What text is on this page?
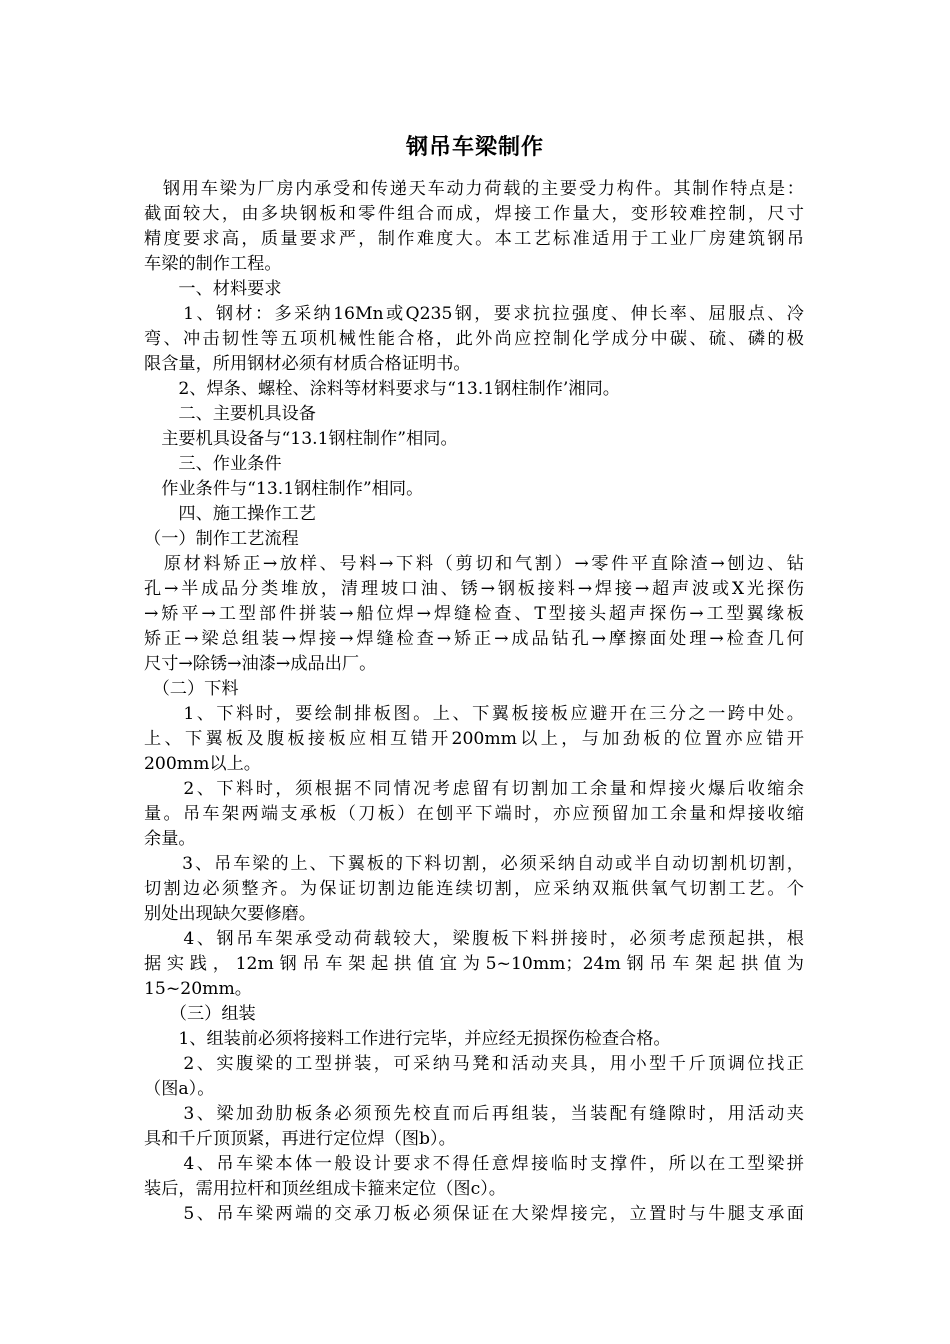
钢吊车梁制作
　钢用车梁为厂房内承受和传递天车动力荷载的主要受力构件。其制作特点是：
截面较大，由多块钢板和零件组合而成，焊接工作量大，变形较难控制，尺寸
精度要求高，质量要求严，制作难度大。本工艺标准适用于工业厂房建筑钢吊
车梁的制作工程。
　　一、材料要求
　　1、钢材：多采纳16Mn或Q235钢，要求抗拉强度、伸长率、屈服点、冷
弯、冲击韧性等五项机械性能合格，此外尚应控制化学成分中碳、硫、磷的极
限含量，所用钢材必须有材质合格证明书。
　　2、焊条、螺栓、涂料等材料要求与“13.1钢柱制作’湘同。
　　二、主要机具设备
　主要机具设备与“13.1钢柱制作”相同。
　　三、作业条件
　作业条件与“13.1钢柱制作”相同。
　　四、施工操作工艺
（一）制作工艺流程
　原材料矫正→放样、号料→下料（剪切和气割）→零件平直除渣→刨边、钻
孔→半成品分类堆放，清理坡口油、锈→钢板接料→焊接→超声波或X光探伤
→矫平→工型部件拼装→船位焊→焊缝检查、T型接头超声探伤→工型翼缘板
矫正→梁总组装→焊接→焊缝检查→矫正→成品钻孔→摩擦面处理→检查几何
尺寸→除锈→油漆→成品出厂。
　（二）下料
　　1、下料时，要绘制排板图。上、下翼板接板应避开在三分之一跨中处。
上、下翼板及腹板接板应相互错开200mm以上，与加劲板的位置亦应错开
200mm以上。
　　2、下料时，须根据不同情况考虑留有切割加工余量和焊接火爆后收缩余
量。吊车架两端支承板（刀板）在刨平下端时，亦应预留加工余量和焊接收缩
余量。
　　3、吊车梁的上、下翼板的下料切割，必须采纳自动或半自动切割机切割，
切割边必须整齐。为保证切割边能连续切割，应采纳双瓶供氧气切割工艺。个
别处出现缺欠要修磨。
　　4、钢吊车架承受动荷载较大，梁腹板下料拼接时，必须考虑预起拱，根
据实践，12m钢吊车架起拱值宜为5~10mm；24m钢吊车架起拱值为
15~20mm。
　　（三）组装
　　1、组装前必须将接料工作进行完毕，并应经无损探伤检查合格。
　　2、实腹梁的工型拼装，可采纳马凳和活动夹具，用小型千斤顶调位找正
（图a）。
　　3、梁加劲肋板条必须预先校直而后再组装，当装配有缝隙时，用活动夹
具和千斤顶顶紧，再进行定位焊（图b）。
　　4、吊车梁本体一般设计要求不得任意焊接临时支撑件，所以在工型梁拼
装后，需用拉杆和顶丝组成卡箍来定位（图c）。
　　5、吊车梁两端的交承刀板必须保证在大梁焊接完，立置时与牛腿支承面
